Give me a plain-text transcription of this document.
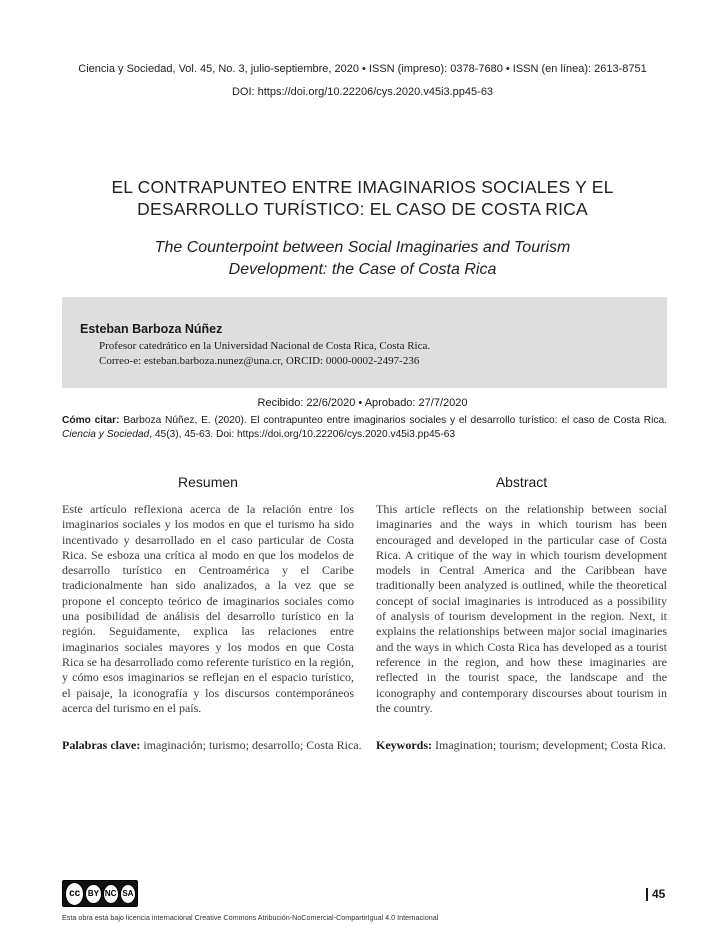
Ciencia y Sociedad, Vol. 45, No. 3, julio-septiembre, 2020 • ISSN (impreso): 0378-7680 • ISSN (en línea): 2613-8751
DOI: https://doi.org/10.22206/cys.2020.v45i3.pp45-63
EL CONTRAPUNTEO ENTRE IMAGINARIOS SOCIALES Y EL
DESARROLLO TURÍSTICO: EL CASO DE COSTA RICA
The Counterpoint between Social Imaginaries and Tourism
Development: the Case of Costa Rica
Esteban Barboza Núñez
Profesor catedrático en la Universidad Nacional de Costa Rica, Costa Rica.
Correo-e: esteban.barboza.nunez@una.cr, ORCID: 0000-0002-2497-236
Recibido: 22/6/2020 • Aprobado: 27/7/2020
Cómo citar: Barboza Núñez, E. (2020). El contrapunteo entre imaginarios sociales y el desarrollo turístico: el caso de Costa Rica. Ciencia y Sociedad, 45(3), 45-63. Doi: https://doi.org/10.22206/cys.2020.v45i3.pp45-63
Resumen	Abstract
Este artículo reflexiona acerca de la relación entre los imaginarios sociales y los modos en que el turismo ha sido incentivado y desarrollado en el caso particular de Costa Rica. Se esboza una crítica al modo en que los modelos de desarrollo turístico en Centroamérica y el Caribe tradicionalmente han sido analizados, a la vez que se propone el concepto teórico de imaginarios sociales como una posibilidad de análisis del desarrollo turístico en la región. Seguidamente, explica las relaciones entre imaginarios sociales mayores y los modos en que Costa Rica se ha desarrollado como referente turístico en la región, y cómo esos imaginarios se reflejan en el espacio turístico, el paisaje, la iconografía y los discursos contemporáneos acerca del turismo en el país.
This article reflects on the relationship between social imaginaries and the ways in which tourism has been encouraged and developed in the particular case of Costa Rica. A critique of the way in which tourism development models in Central America and the Caribbean have traditionally been analyzed is outlined, while the theoretical concept of social imaginaries is introduced as a possibility of analysis of tourism development in the region. Next, it explains the relationships between major social imaginaries and the ways in which Costa Rica has developed as a tourist reference in the region, and how these imaginaries are reflected in the tourist space, the landscape and the iconography and contemporary discourses about tourism in the country.
Palabras clave: imaginación; turismo; desarrollo; Costa Rica. Keywords: Imagination; tourism; development; Costa Rica.
cc BY NC SA	45
Esta obra está bajo licencia internacional Creative Commons Atribución-NoComercial-CompartirIgual 4.0 Internacional
